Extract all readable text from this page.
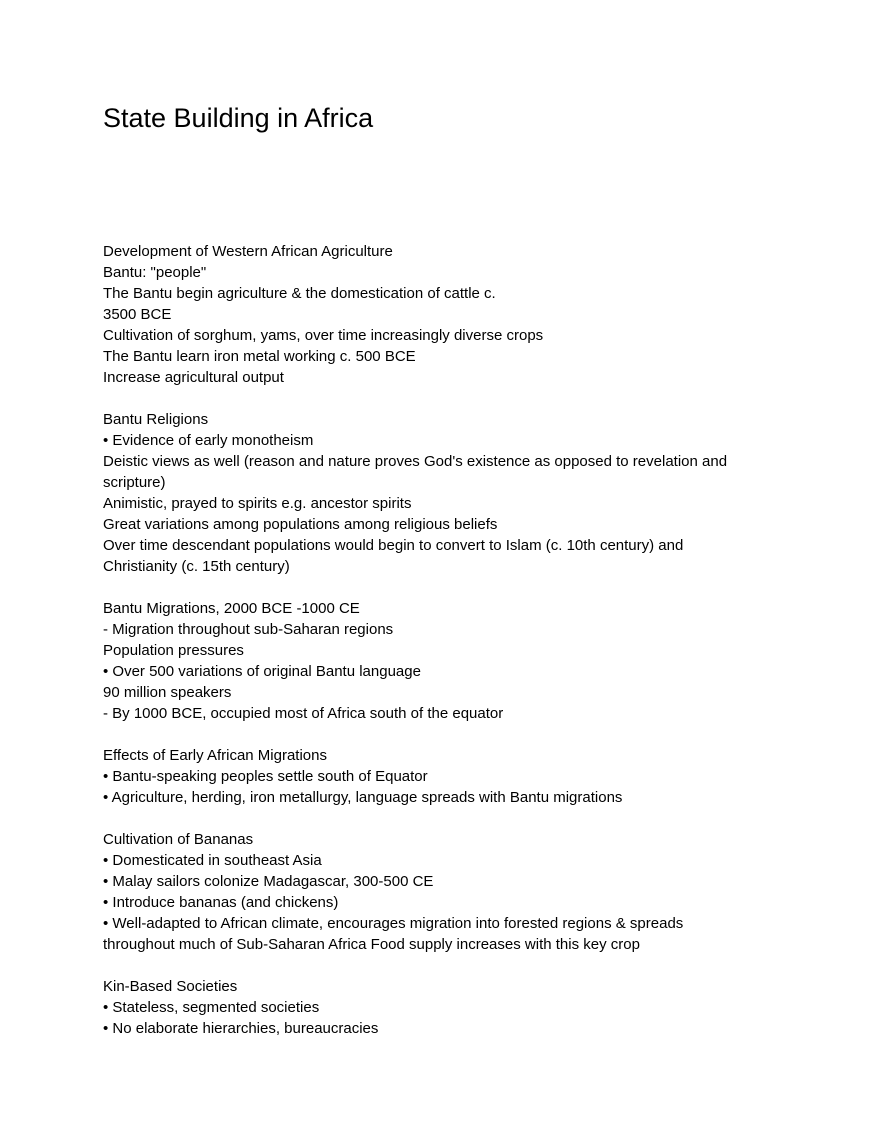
State Building in Africa
Development of Western African Agriculture
Bantu: "people"
The Bantu begin agriculture & the domestication of cattle c.
3500 BCE
Cultivation of sorghum, yams, over time increasingly diverse crops
The Bantu learn iron metal working c. 500 BCE
Increase agricultural output
Bantu Religions
• Evidence of early monotheism
Deistic views as well (reason and nature proves God's existence as opposed to revelation and
scripture)
Animistic, prayed to spirits e.g. ancestor spirits
Great variations among populations among religious beliefs
Over time descendant populations would begin to convert to Islam (c. 10th century) and
Christianity (c. 15th century)
Bantu Migrations, 2000 BCE -1000 CE
- Migration throughout sub-Saharan regions
Population pressures
• Over 500 variations of original Bantu language
90 million speakers
- By 1000 BCE, occupied most of Africa south of the equator
Effects of Early African Migrations
• Bantu-speaking peoples settle south of Equator
• Agriculture, herding, iron metallurgy, language spreads with Bantu migrations
Cultivation of Bananas
• Domesticated in southeast Asia
• Malay sailors colonize Madagascar, 300-500 CE
• Introduce bananas (and chickens)
• Well-adapted to African climate, encourages migration into forested regions & spreads
throughout much of Sub-Saharan Africa Food supply increases with this key crop
Kin-Based Societies
• Stateless, segmented societies
• No elaborate hierarchies, bureaucracies
